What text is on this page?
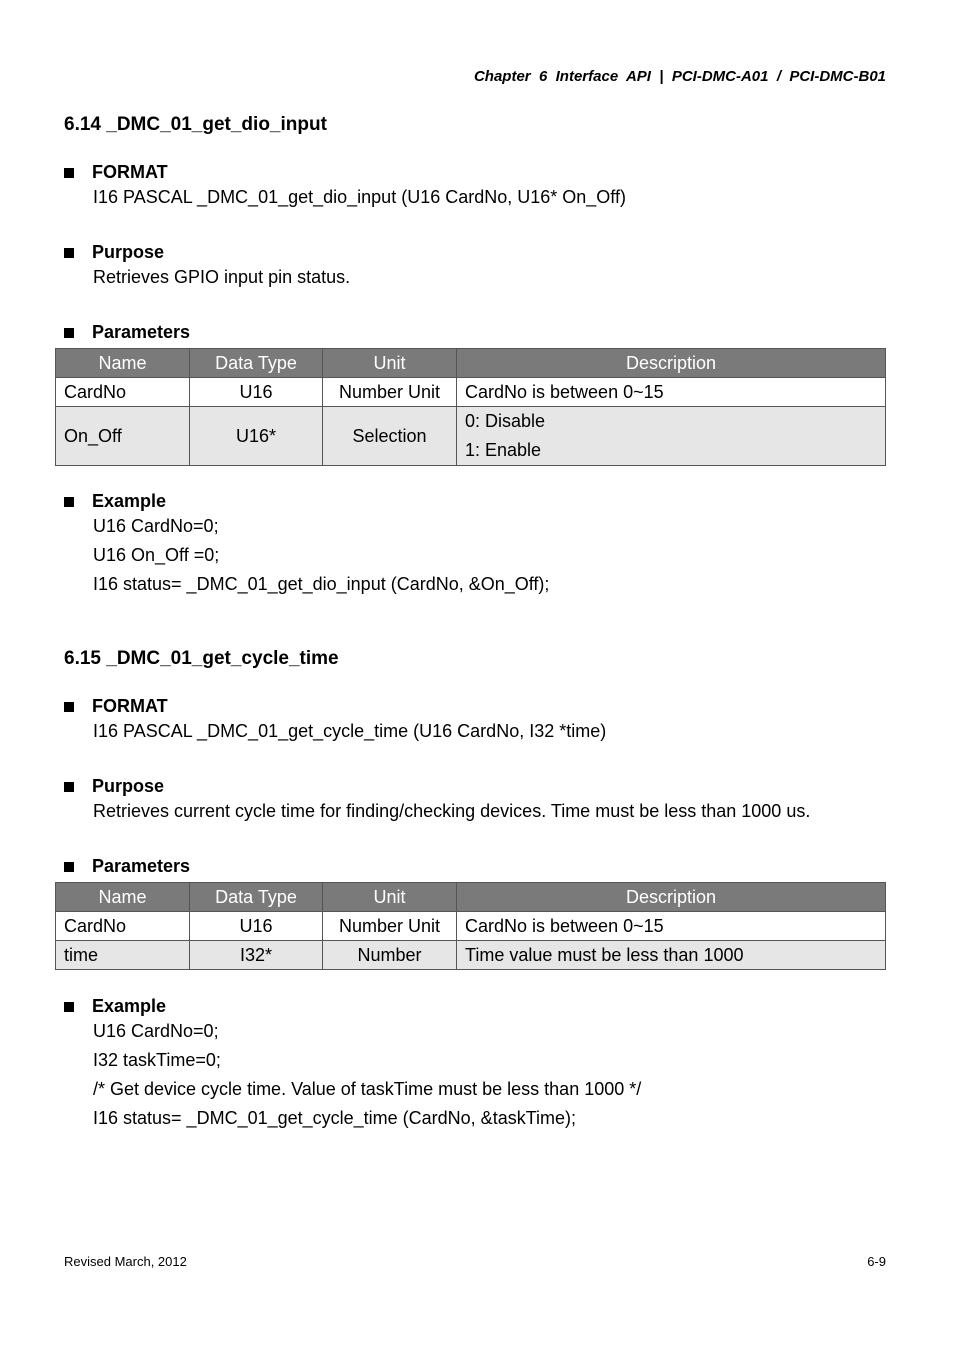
Chapter  6  Interface  API  |  PCI-DMC-A01  /  PCI-DMC-B01

6.14 _DMC_01_get_dio_input

FORMAT
I16 PASCAL _DMC_01_get_dio_input (U16 CardNo, U16* On_Off)
Purpose
Retrieves GPIO input pin status.
Parameters
Name	Data Type	Unit	Description
CardNo	U16	Number Unit	CardNo is between 0~15
On_Off	U16*	Selection	0: Disable
1: Enable
Example
U16 CardNo=0;
U16 On_Off =0;
I16 status= _DMC_01_get_dio_input (CardNo, &On_Off);

6.15 _DMC_01_get_cycle_time

FORMAT
I16 PASCAL _DMC_01_get_cycle_time (U16 CardNo, I32 *time)
Purpose
Retrieves current cycle time for finding/checking devices. Time must be less than 1000 us.
Parameters
Name	Data Type	Unit	Description
CardNo	U16	Number Unit	CardNo is between 0~15
time	I32*	Number	Time value must be less than 1000
Example
U16 CardNo=0;
I32 taskTime=0;
/* Get device cycle time. Value of taskTime must be less than 1000 */
I16 status= _DMC_01_get_cycle_time (CardNo, &taskTime);
Revised March, 2012	6-9
